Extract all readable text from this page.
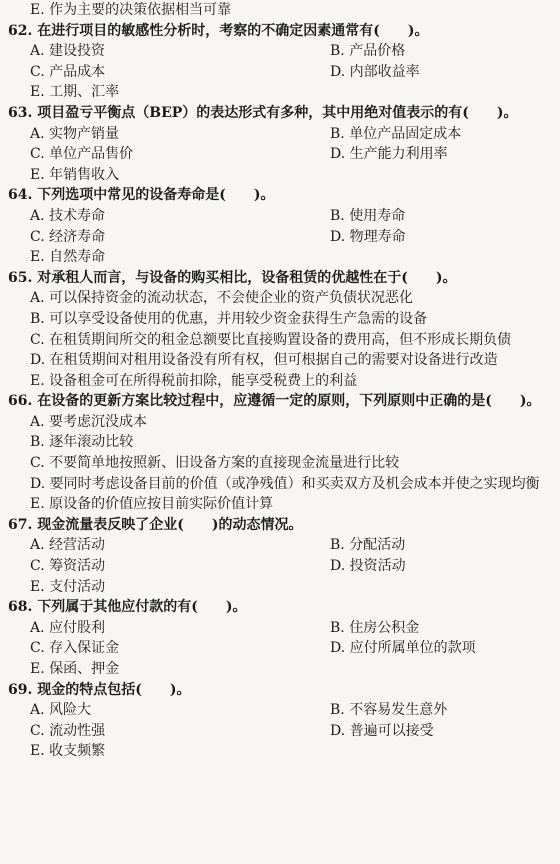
E. 作为主要的决策依据相当可靠
62. 在进行项目的敏感性分析时，考察的不确定因素通常有(　　)。
A. 建设投资	B. 产品价格
C. 产品成本	D. 内部收益率
E. 工期、汇率
63. 项目盈亏平衡点（BEP）的表达形式有多种，其中用绝对值表示的有(　　)。
A. 实物产销量	B. 单位产品固定成本
C. 单位产品售价	D. 生产能力利用率
E. 年销售收入
64. 下列选项中常见的设备寿命是(　　)。
A. 技术寿命	B. 使用寿命
C. 经济寿命	D. 物理寿命
E. 自然寿命
65. 对承租人而言，与设备的购买相比，设备租赁的优越性在于(　　)。
A. 可以保持资金的流动状态，不会使企业的资产负债状况恶化
B. 可以享受设备使用的优惠，并用较少资金获得生产急需的设备
C. 在租赁期间所交的租金总额要比直接购置设备的费用高，但不形成长期负债
D. 在租赁期间对租用设备没有所有权，但可根据自己的需要对设备进行改造
E. 设备租金可在所得税前扣除，能享受税费上的利益
66. 在设备的更新方案比较过程中，应遵循一定的原则，下列原则中正确的是(　　)。
A. 要考虑沉没成本
B. 逐年滚动比较
C. 不要简单地按照新、旧设备方案的直接现金流量进行比较
D. 要同时考虑设备目前的价值（或净残值）和买卖双方及机会成本并使之实现均衡
E. 原设备的价值应按目前实际价值计算
67. 现金流量表反映了企业(　　)的动态情况。
A. 经营活动	B. 分配活动
C. 筹资活动	D. 投资活动
E. 支付活动
68. 下列属于其他应付款的有(　　)。
A. 应付股利	B. 住房公积金
C. 存入保证金	D. 应付所属单位的款项
E. 保函、押金
69. 现金的特点包括(　　)。
A. 风险大	B. 不容易发生意外
C. 流动性强	D. 普遍可以接受
E. 收支频繁
